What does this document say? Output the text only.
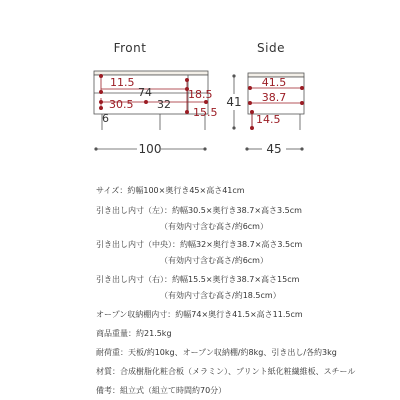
Front	Side
11.5
74	18.5
30.5 32
15.5
6
100
41
41.5
38.7
14.5
45
サイズ：約幅100×奥行き45×高さ41cm
引き出し内寸（左）：約幅30.5×奥行き38.7×高さ3.5cm
（有効内寸含む高さ/約6cm）
引き出し内寸（中央）：約幅32×奥行き38.7×高さ3.5cm
（有効内寸含む高さ/約6cm）
引き出し内寸（右）：約幅15.5×奥行き38.7×高さ15cm
（有効内寸含む高さ/約18.5cm）
オープン収納棚内寸：約幅74×奥行き41.5×高さ11.5cm
商品重量：約21.5kg
耐荷重：天板/約10kg、オープン収納棚/約8kg、引き出し/各約3kg
材質：合成樹脂化粧合板（メラミン）、プリント紙化粧繊維板、スチール
備考：組立式（組立て時間約70分）
